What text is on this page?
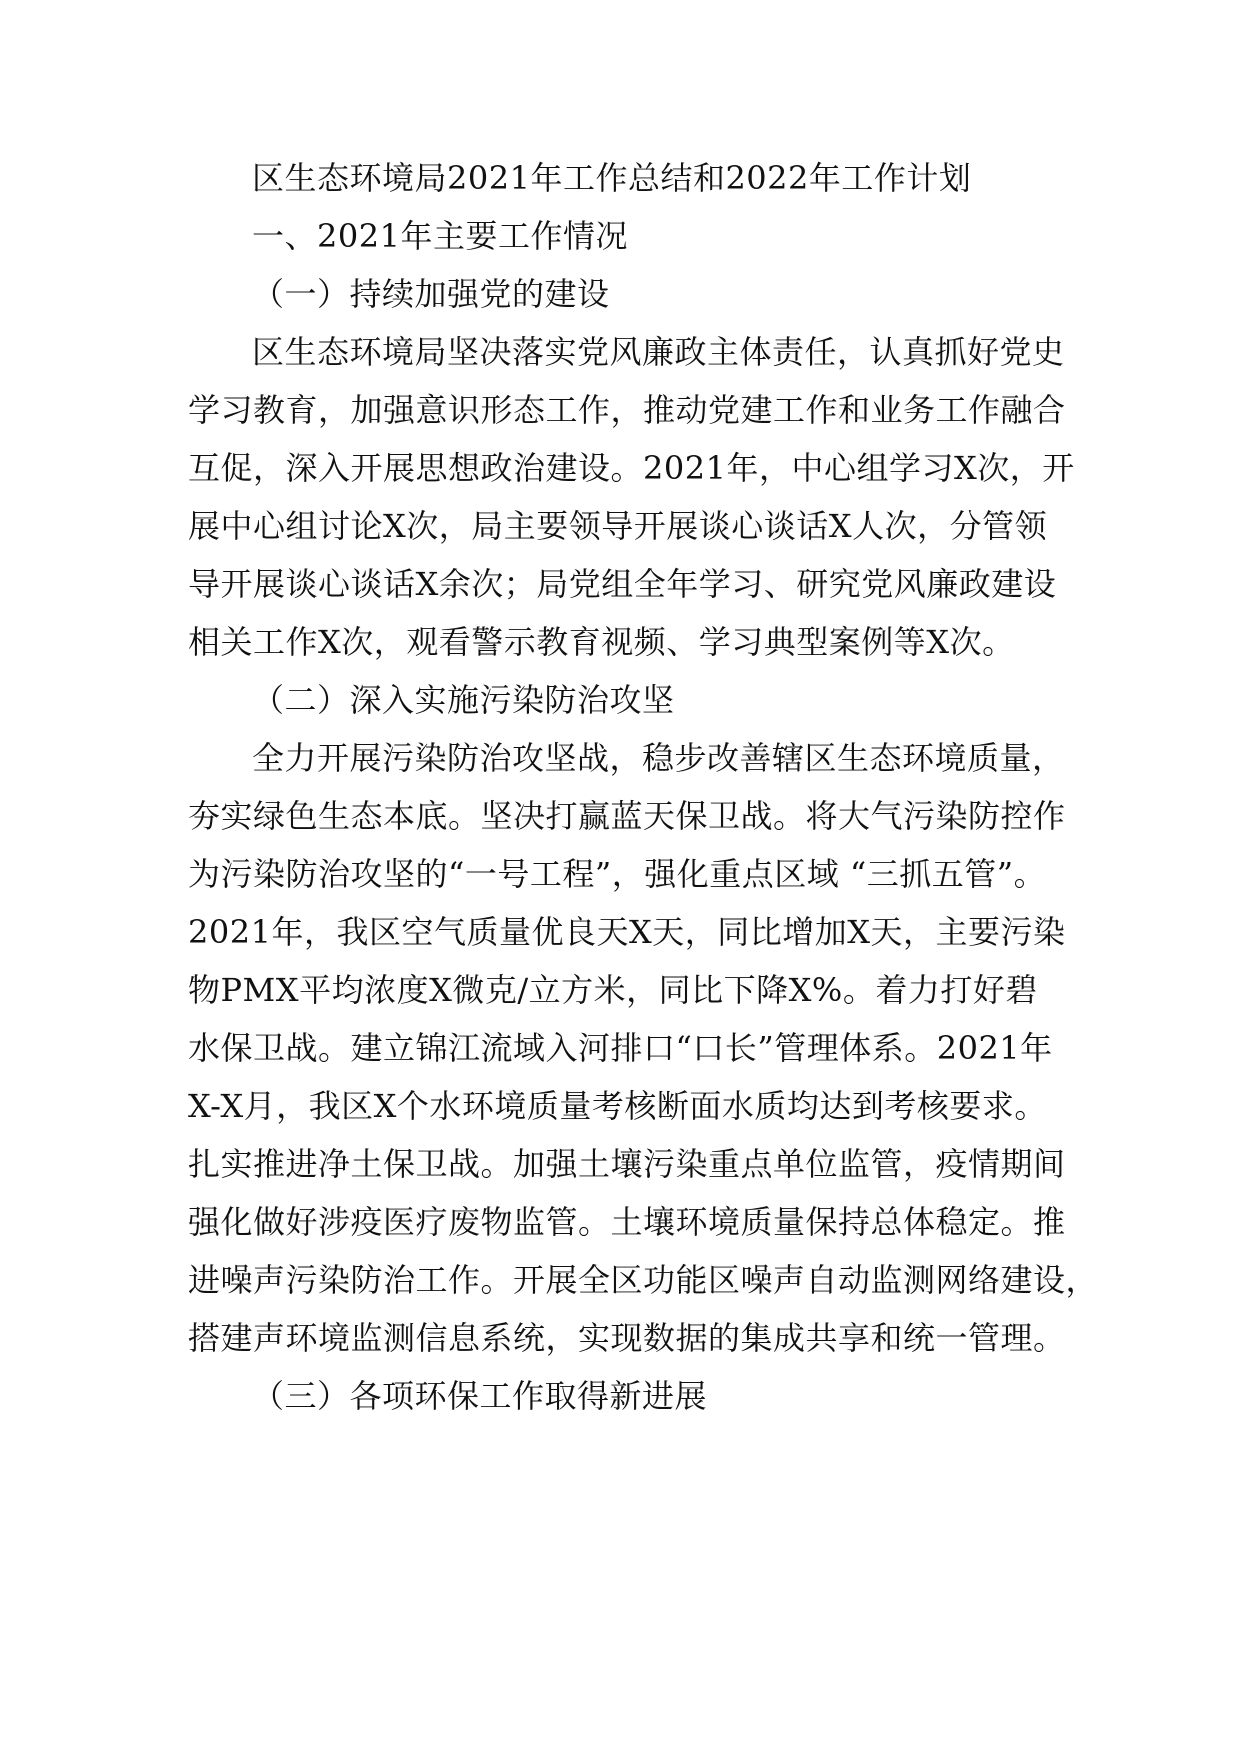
区生态环境局2021年工作总结和2022年工作计划
一、2021年主要工作情况
（一）持续加强党的建设
区生态环境局坚决落实党风廉政主体责任，认真抓好党史
学习教育，加强意识形态工作，推动党建工作和业务工作融合
互促，深入开展思想政治建设。2021年，中心组学习X次，开
展中心组讨论X次，局主要领导开展谈心谈话X人次，分管领
导开展谈心谈话X余次；局党组全年学习、研究党风廉政建设
相关工作X次，观看警示教育视频、学习典型案例等X次。
（二）深入实施污染防治攻坚
全力开展污染防治攻坚战，稳步改善辖区生态环境质量，
夯实绿色生态本底。坚决打赢蓝天保卫战。将大气污染防控作
为污染防治攻坚的“一号工程”，强化重点区域 “三抓五管”。
2021年，我区空气质量优良天X天，同比增加X天，主要污染
物PMX平均浓度X微克/立方米，同比下降X%。着力打好碧
水保卫战。建立锦江流域入河排口“口长”管理体系。2021年
X-X月，我区X个水环境质量考核断面水质均达到考核要求。
扎实推进净土保卫战。加强土壤污染重点单位监管，疫情期间
强化做好涉疫医疗废物监管。土壤环境质量保持总体稳定。推
进噪声污染防治工作。开展全区功能区噪声自动监测网络建设，
搭建声环境监测信息系统，实现数据的集成共享和统一管理。
（三）各项环保工作取得新进展
